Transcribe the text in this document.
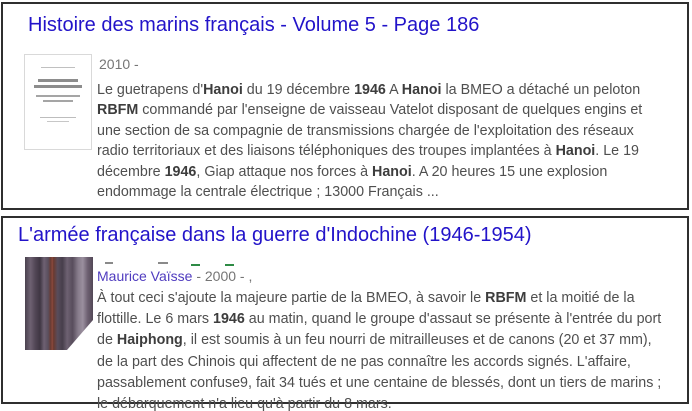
Histoire des marins français - Volume 5 - Page 186
2010 -
Le guetrapens d'Hanoi du 19 décembre 1946 A Hanoi la BMEO a détaché un peloton RBFM commandé par l'enseigne de vaisseau Vatelot disposant de quelques engins et une section de sa compagnie de transmissions chargée de l'exploitation des réseaux radio territoriaux et des liaisons téléphoniques des troupes implantées à Hanoi. Le 19 décembre 1946, Giap attaque nos forces à Hanoi. A 20 heures 15 une explosion endommage la centrale électrique ; 13000 Français ...
L'armée française dans la guerre d'Indochine (1946-1954)
Maurice Vaïsse - 2000 - ,
À tout ceci s'ajoute la majeure partie de la BMEO, à savoir le RBFM et la moitié de la flottille. Le 6 mars 1946 au matin, quand le groupe d'assaut se présente à l'entrée du port de Haiphong, il est soumis à un feu nourri de mitrailleuses et de canons (20 et 37 mm), de la part des Chinois qui affectent de ne pas connaître les accords signés. L'affaire, passablement confuse9, fait 34 tués et une centaine de blessés, dont un tiers de marins ; le débarquement n'a lieu qu'à partir du 8 mars.
